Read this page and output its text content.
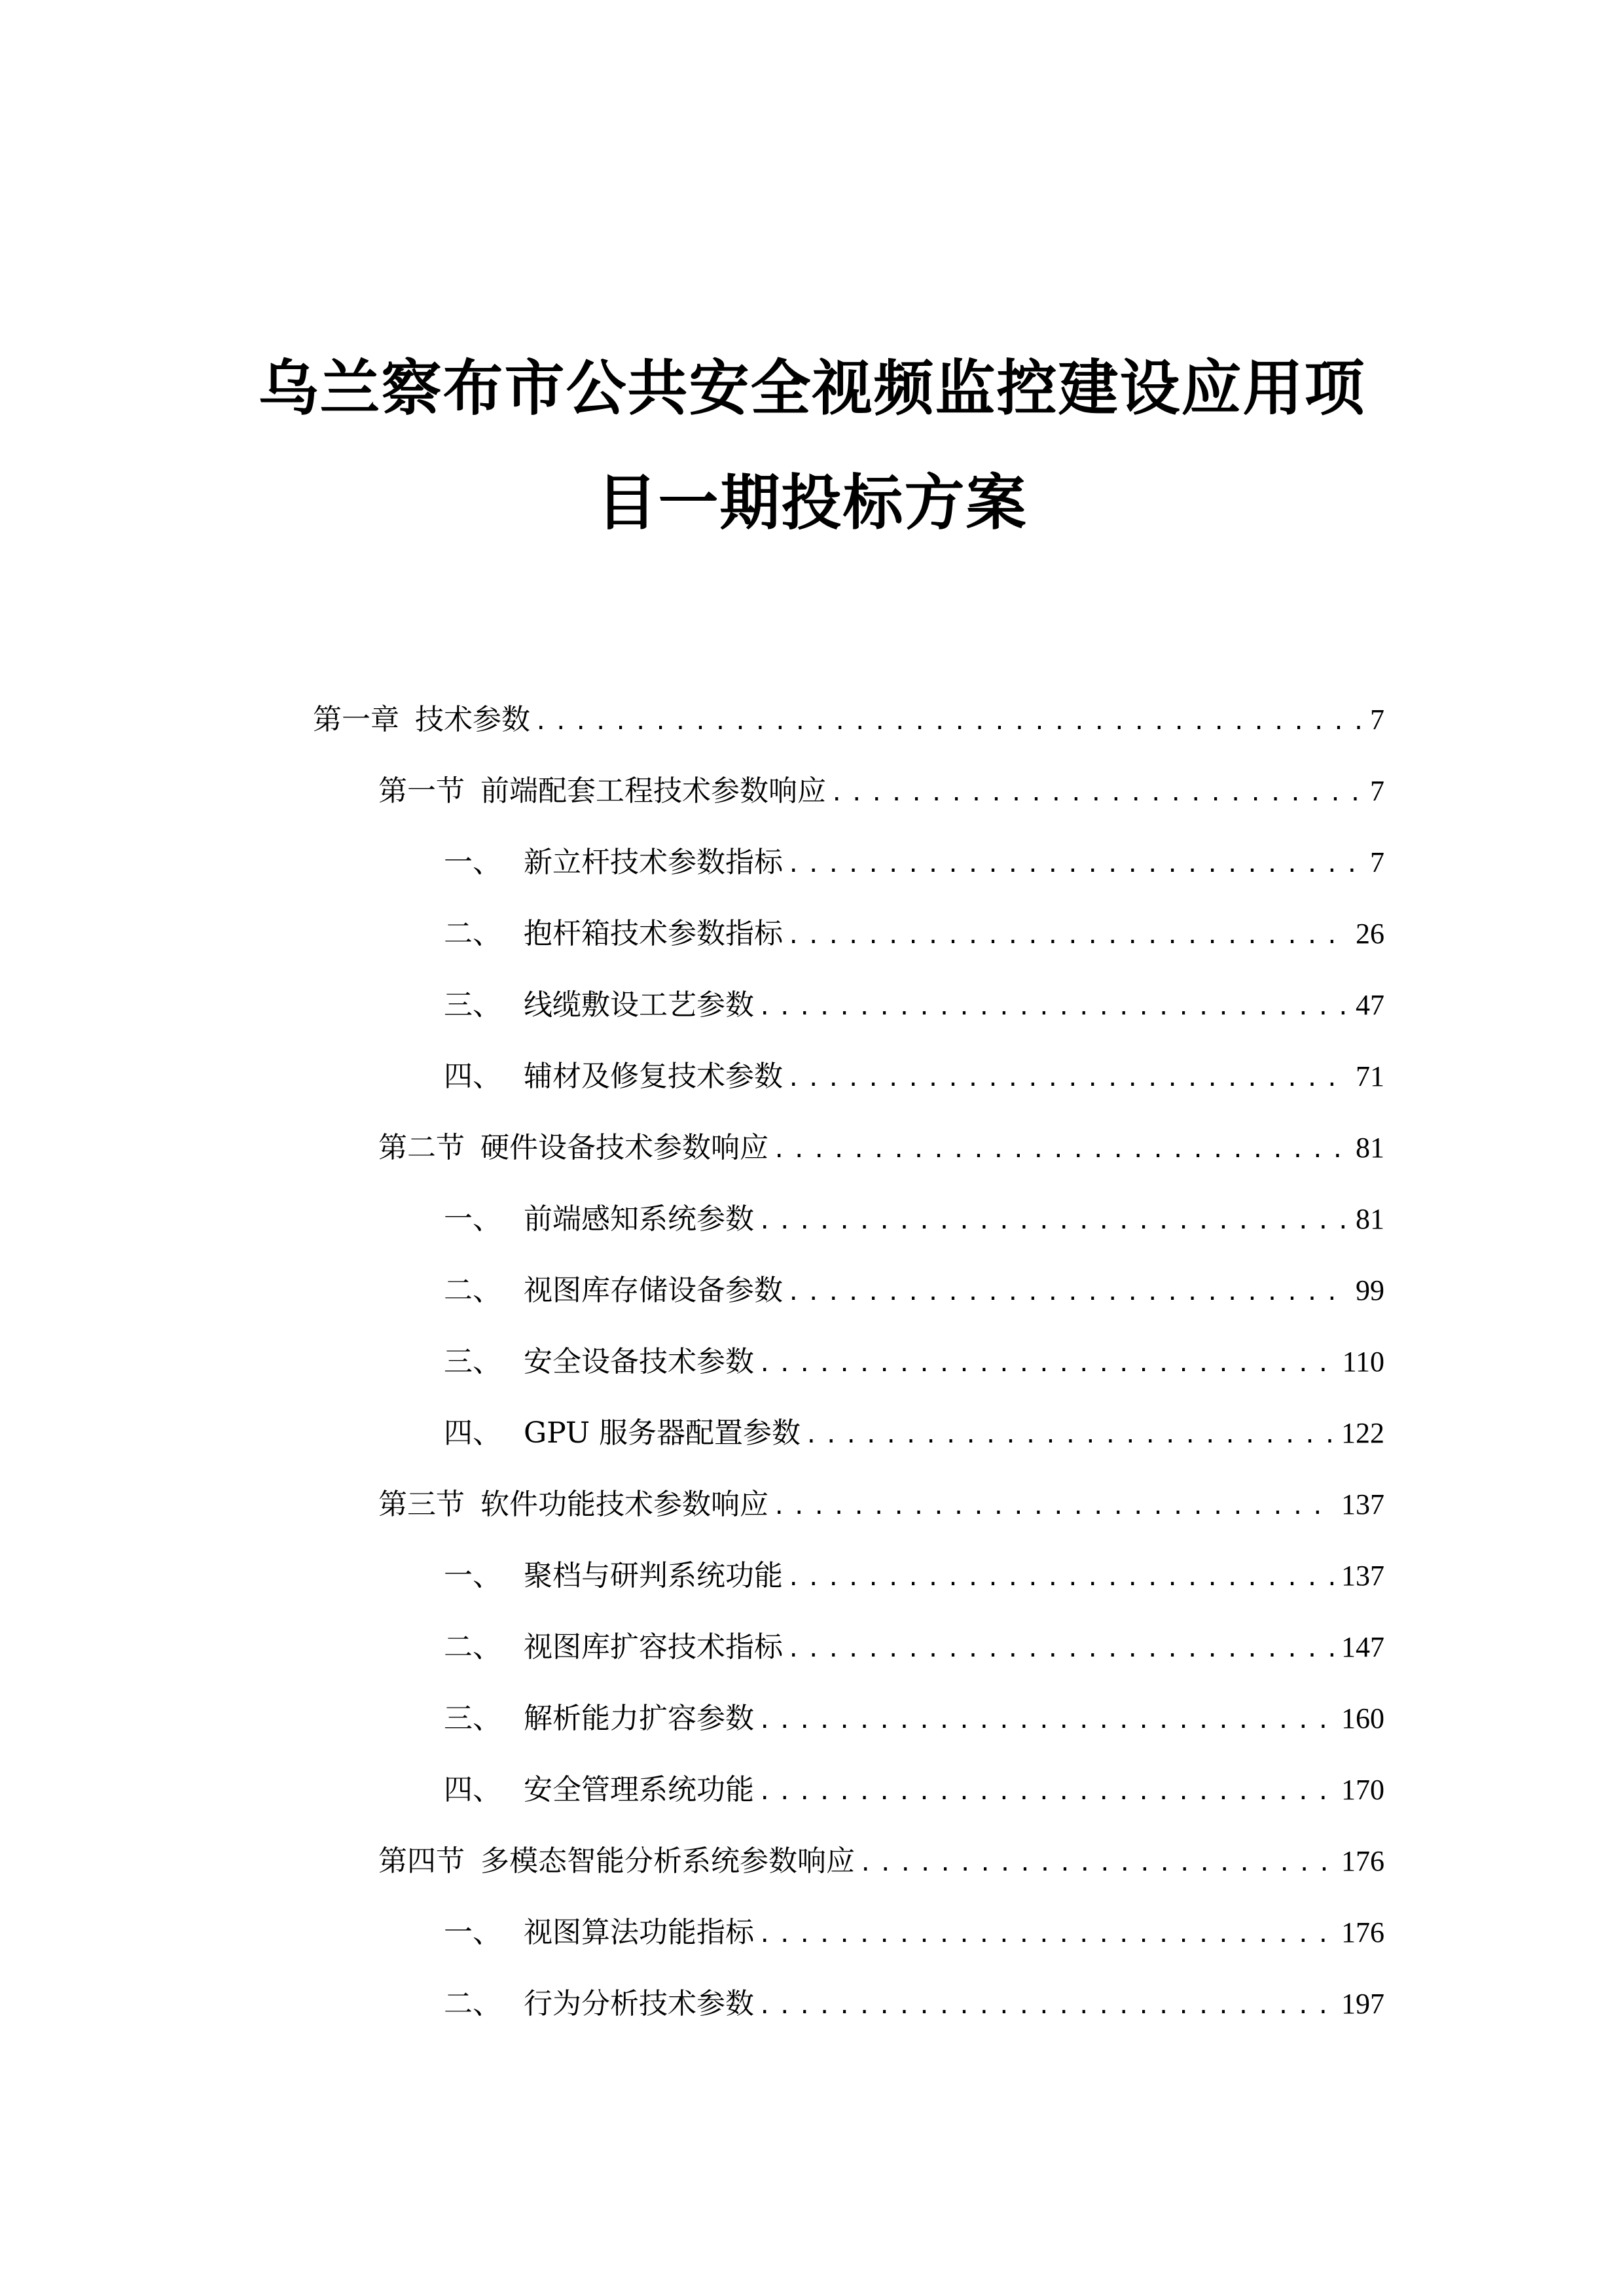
乌兰察布市公共安全视频监控建设应用项
目一期投标方案
第一章 技术参数 .....	7
第一节 前端配套工程技术参数响应 .....	7
一、 新立杆技术参数指标 .....	7
二、 抱杆箱技术参数指标 .....	26
三、 线缆敷设工艺参数 .....	47
四、 辅材及修复技术参数 .....	71
第二节 硬件设备技术参数响应 .....	81
一、 前端感知系统参数 .....	81
二、 视图库存储设备参数 .....	99
三、 安全设备技术参数 .....	110
四、 GPU 服务器配置参数 .....	122
第三节 软件功能技术参数响应 .....	137
一、 聚档与研判系统功能 .....	137
二、 视图库扩容技术指标 .....	147
三、 解析能力扩容参数 .....	160
四、 安全管理系统功能 .....	170
第四节 多模态智能分析系统参数响应 .....	176
一、 视图算法功能指标 .....	176
二、 行为分析技术参数 .....	197
